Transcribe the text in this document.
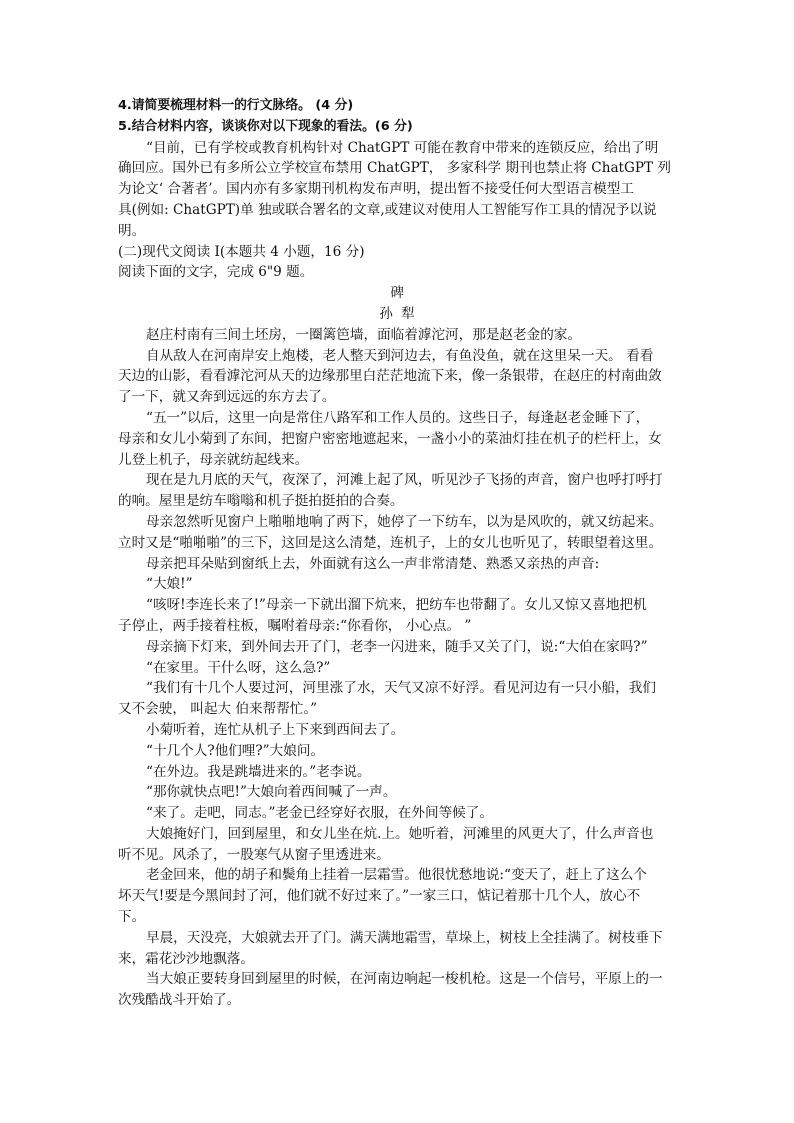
4.请简要梳理材料一的行文脉络。 (4 分)
5.结合材料内容，谈谈你对以下现象的看法。(6 分)
“目前，已有学校或教育机构针对 ChatGPT 可能在教育中带来的连锁反应，给出了明
确回应。国外已有多所公立学校宣布禁用 ChatGPT， 多家科学 期刊也禁止将 ChatGPT 列
为论文‘ 合著者’。国内亦有多家期刊机构发布声明，提出暂不接受任何大型语言模型工
具(例如: ChatGPT)单 独或联合署名的文章,或建议对使用人工智能写作工具的情况予以说
明。
(二)现代文阅读 I(本题共 4 小题，16 分)
阅读下面的文字，完成 6"9 题。
碑
孙 犁
赵庄村南有三间土坯房，一圈篱笆墙，面临着滹沱河，那是赵老金的家。
自从敌人在河南岸安上炮楼，老人整天到河边去，有鱼没鱼，就在这里呆一天。 看看
天边的山影，看看滹沱河从天的边缘那里白茫茫地流下来，像一条银带，在赵庄的村南曲敛
了一下，就又奔到远远的东方去了。
“五一”以后，这里一向是常住八路军和工作人员的。这些日子，每逢赵老金睡下了，
母亲和女儿小菊到了东间，把窗户密密地遮起来，一盏小小的菜油灯挂在机子的栏杆上，女
儿登上机子，母亲就纺起线来。
现在是九月底的天气，夜深了，河滩上起了风，听见沙子飞扬的声音，窗户也呼打呼打
的响。屋里是纺车嗡嗡和机子挺拍挺拍的合奏。
母亲忽然听见窗户上啪啪地响了两下，她停了一下纺车，以为是风吹的，就又纺起来。
立时又是“啪啪啪”的三下，这回是这么清楚，连机子，上的女儿也听见了，转眼望着这里。
母亲把耳朵贴到窗纸上去，外面就有这么一声非常清楚、熟悉又亲热的声音:
“大娘!”
“咳呀!李连长来了!”母亲一下就出溜下炕来，把纺车也带翻了。女儿又惊又喜地把机
子停止，两手接着柱板，嘱咐着母亲:“你看你， 小心点。 ”
母亲摘下灯来，到外间去开了门，老李一闪进来，随手又关了门，说:“大伯在家吗?”
“在家里。干什么呀，这么急?”
“我们有十几个人要过河，河里涨了水，天气又凉不好浮。看见河边有一只小船，我们
又不会驶， 叫起大 伯来帮帮忙。”
小菊听着，连忙从机子上下来到西间去了。
“十几个人?他们哩?”大娘问。
“在外边。我是跳墙进来的。”老李说。
“那你就快点吧!”大娘向着西间喊了一声。
“来了。走吧，同志。”老金已经穿好衣服，在外间等候了。
大娘掩好门，回到屋里，和女儿坐在炕.上。她听着，河滩里的风更大了，什么声音也
听不见。风杀了，一股寒气从窗子里透进来。
老金回来，他的胡子和鬓角上挂着一层霜雪。他很忧愁地说:“变天了，赶上了这么个
坏天气!要是今黑间封了河，他们就不好过来了。”一家三口，惦记着那十几个人，放心不
下。
早晨，天没亮，大娘就去开了门。满天满地霜雪，草垛上，树枝上全挂满了。树枝垂下
来，霜花沙沙地飘落。
当大娘正要转身回到屋里的时候，在河南边响起一梭机枪。这是一个信号，平原上的一
次残酷战斗开始了。
